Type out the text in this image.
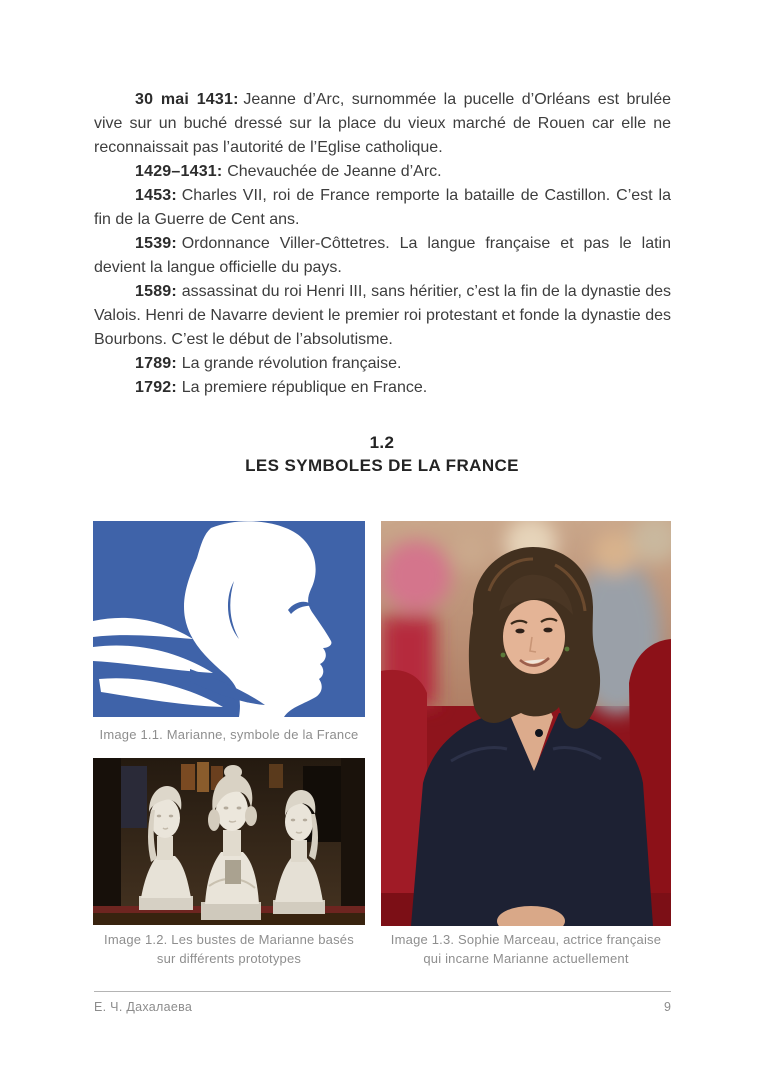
30 mai 1431: Jeanne d’Arc, surnommée la pucelle d’Orléans est brulée vive sur un buché dressé sur la place du vieux marché de Rouen car elle ne reconnaissait pas l’autorité de l’Eglise catholique.

1429–1431: Chevauchée de Jeanne d’Arc.

1453: Charles VII, roi de France remporte la bataille de Castillon. C’est la fin de la Guerre de Cent ans.

1539: Ordonnance Viller-Côttetres. La langue française et pas le latin devient la langue officielle du pays.

1589: assassinat du roi Henri III, sans héritier, c’est la fin de la dynastie des Valois. Henri de Navarre devient le premier roi protestant et fonde la dynastie des Bourbons. C’est le début de l’absolutisme.

1789: La grande révolution française.

1792: La premiere république en France.

1.2
LES SYMBOLES DE LA FRANCE
Image 1.1. Marianne, symbole de la France
Image 1.2. Les bustes de Marianne basés sur différents prototypes
Image 1.3. Sophie Marceau, actrice française qui incarne Marianne actuellement
Е. Ч. Дахалаева	9
